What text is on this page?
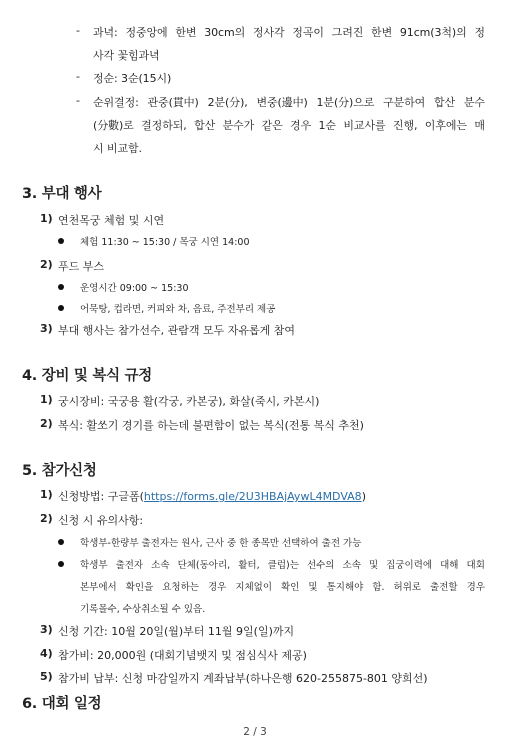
- 과녁: 정중앙에 한변 30cm의 정사각 정곡이 그려진 한변 91cm(3척)의 정
사각 꽃힘과녁
- 정순: 3순(15시)
- 순위결정: 관중(貫中) 2분(分), 변중(邊中) 1분(分)으로 구분하여 합산 분수
(分數)로 결정하되, 합산 분수가 같은 경우 1순 비교사를 진행, 이후에는 매
시 비교함.
3. 부대 행사
1) 연천목궁 체험 및 시연
체험 11:30 ~ 15:30 / 목궁 시연 14:00
2) 푸드 부스
운영시간 09:00 ~ 15:30
어묵탕, 컵라면, 커피와 차, 음료, 주전부리 제공
3) 부대 행사는 참가선수, 관람객 모두 자유롭게 참여
4. 장비 및 복식 규정
1) 궁시장비: 국궁용 활(각궁, 카본궁), 화살(죽시, 카본시)
2) 복식: 활쏘기 경기를 하는데 불편함이 없는 복식(전통 복식 추천)
5. 참가신청
1) 신청방법: 구글폼(https://forms.gle/2U3HBAjAywL4MDVA8)
2) 신청 시 유의사항:
학생부-한량부 출전자는 원사, 근사 중 한 종목만 선택하여 출전 가능
학생부 출전자 소속 단체(동아리, 활터, 클럽)는 선수의 소속 및 집궁이력에 대해 대회
본부에서 확인을 요청하는 경우 지체없이 확인 및 통지해야 함. 허위로 출전할 경우
기록몰수, 수상취소될 수 있음.
3) 신청 기간: 10월 20일(월)부터 11월 9일(일)까지
4) 참가비: 20,000원 (대회기념뱃지 및 점심식사 제공)
5) 참가비 납부: 신청 마감일까지 계좌납부(하나은행 620-255875-801 양희선)
6. 대회 일정
2 / 3
